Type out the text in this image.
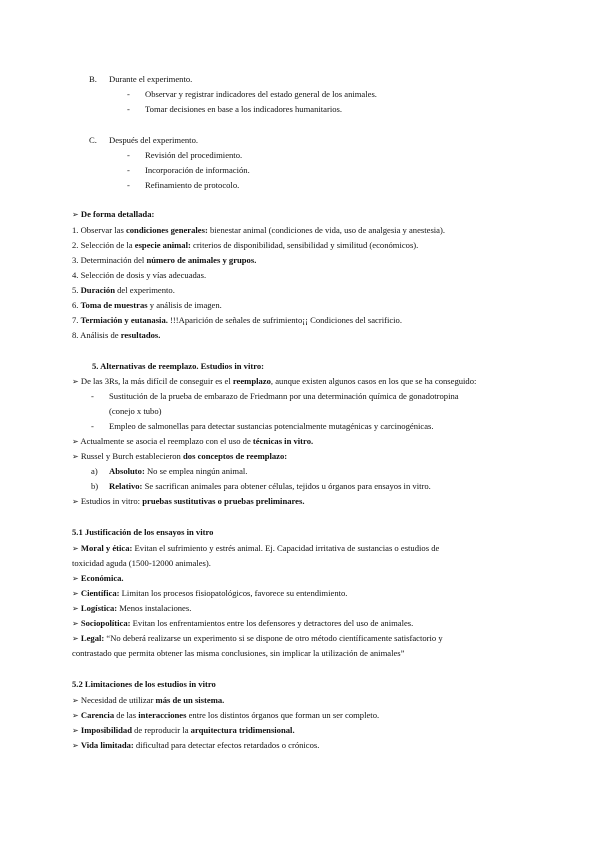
B. Durante el experimento.
- Observar y registrar indicadores del estado general de los animales.
- Tomar decisiones en base a los indicadores humanitarios.
C. Después del experimento.
- Revisión del procedimiento.
- Incorporación de información.
- Refinamiento de protocolo.
➢ De forma detallada:
1. Observar las condiciones generales: bienestar animal (condiciones de vida, uso de analgesia y anestesia).
2. Selección de la especie animal: criterios de disponibilidad, sensibilidad y similitud (económicos).
3. Determinación del número de animales y grupos.
4. Selección de dosis y vías adecuadas.
5. Duración del experimento.
6. Toma de muestras y análisis de imagen.
7. Termiación y eutanasia. !!!Aparición de señales de sufrimiento¡¡ Condiciones del sacrificio.
8. Análisis de resultados.
5. Alternativas de reemplazo. Estudios in vitro:
➢ De las 3Rs, la más difícil de conseguir es el reemplazo, aunque existen algunos casos en los que se ha conseguido:
- Sustitución de la prueba de embarazo de Friedmann por una determinación química de gonadotropina
(conejo x tubo)
- Empleo de salmonellas para detectar sustancias potencialmente mutagénicas y carcinogénicas.
➢ Actualmente se asocia el reemplazo con el uso de técnicas in vitro.
➢ Russel y Burch establecieron dos conceptos de reemplazo:
a) Absoluto: No se emplea ningún animal.
b) Relativo: Se sacrifican animales para obtener células, tejidos u órganos para ensayos in vitro.
➢ Estudios in vitro: pruebas sustitutivas o pruebas preliminares.
5.1 Justificación de los ensayos in vitro
➢ Moral y ética: Evitan el sufrimiento y estrés animal. Ej. Capacidad irritativa de sustancias o estudios de
toxicidad aguda (1500-12000 animales).
➢ Económica.
➢ Científica: Limitan los procesos fisiopatológicos, favorece su entendimiento.
➢ Logística: Menos instalaciones.
➢ Sociopolítica: Evitan los enfrentamientos entre los defensores y detractores del uso de animales.
➢ Legal: “No deberá realizarse un experimento si se dispone de otro método científicamente satisfactorio y
contrastado que permita obtener las misma conclusiones, sin implicar la utilización de animales”
5.2 Limitaciones de los estudios in vitro
➢ Necesidad de utilizar más de un sistema.
➢ Carencia de las interacciones entre los distintos órganos que forman un ser completo.
➢ Imposibilidad de reproducir la arquitectura tridimensional.
➢ Vida limitada: dificultad para detectar efectos retardados o crónicos.
